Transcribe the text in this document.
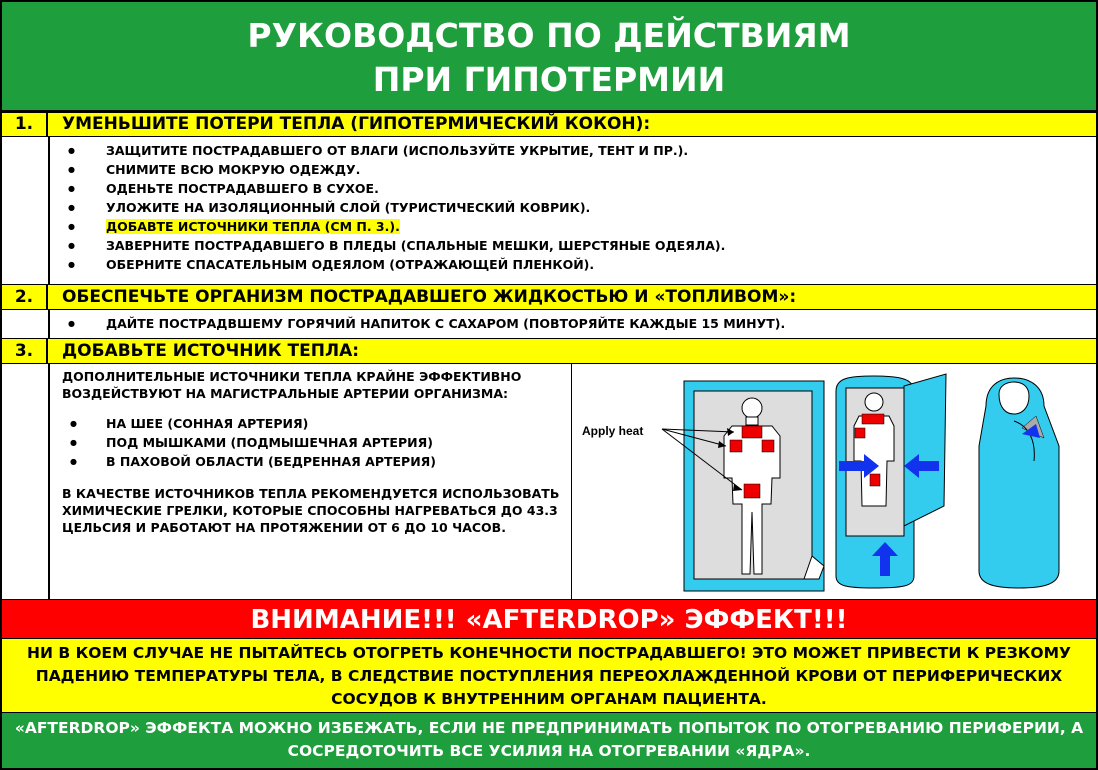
РУКОВОДСТВО ПО ДЕЙСТВИЯМ
ПРИ ГИПОТЕРМИИ
1.	УМЕНЬШИТЕ ПОТЕРИ ТЕПЛА (ГИПОТЕРМИЧЕСКИЙ КОКОН):
● ЗАЩИТИТЕ ПОСТРАДАВШЕГО ОТ ВЛАГИ (ИСПОЛЬЗУЙТЕ УКРЫТИЕ, ТЕНТ И ПР.).
● СНИМИТЕ ВСЮ МОКРУЮ ОДЕЖДУ.
● ОДЕНЬТЕ ПОСТРАДАВШЕГО В СУХОЕ.
● УЛОЖИТЕ НА ИЗОЛЯЦИОННЫЙ СЛОЙ (ТУРИСТИЧЕСКИЙ КОВРИК).
● ДОБАВТЕ ИСТОЧНИКИ ТЕПЛА (СМ П. 3.).
● ЗАВЕРНИТЕ ПОСТРАДАВШЕГО В ПЛЕДЫ (СПАЛЬНЫЕ МЕШКИ, ШЕРСТЯНЫЕ ОДЕЯЛА).
● ОБЕРНИТЕ СПАСАТЕЛЬНЫМ ОДЕЯЛОМ (ОТРАЖАЮЩЕЙ ПЛЕНКОЙ).
2.	ОБЕСПЕЧЬТЕ ОРГАНИЗМ ПОСТРАДАВШЕГО ЖИДКОСТЬЮ И «ТОПЛИВОМ»:
● ДАЙТЕ ПОСТРАДВШЕМУ ГОРЯЧИЙ НАПИТОК С САХАРОМ (ПОВТОРЯЙТЕ КАЖДЫЕ 15 МИНУТ).
3.	ДОБАВЬТЕ ИСТОЧНИК ТЕПЛА:

ДОПОЛНИТЕЛЬНЫЕ ИСТОЧНИКИ ТЕПЛА КРАЙНЕ ЭФФЕКТИВНО ВОЗДЕЙСТВУЮТ НА МАГИСТРАЛЬНЫЕ АРТЕРИИ ОРГАНИЗМА:

● НА ШЕЕ (СОННАЯ АРТЕРИЯ)
● ПОД МЫШКАМИ (ПОДМЫШЕЧНАЯ АРТЕРИЯ)
● В ПАХОВОЙ ОБЛАСТИ (БЕДРЕННАЯ АРТЕРИЯ)

В КАЧЕСТВЕ ИСТОЧНИКОВ ТЕПЛА РЕКОМЕНДУЕТСЯ ИСПОЛЬЗОВАТЬ ХИМИЧЕСКИЕ ГРЕЛКИ, КОТОРЫЕ СПОСОБНЫ НАГРЕВАТЬСЯ ДО 43.3 ЦЕЛЬСИЯ И РАБОТАЮТ НА ПРОТЯЖЕНИИ ОТ 6 ДО 10 ЧАСОВ.

Apply heat
ВНИМАНИЕ!!! «AFTERDROP» ЭФФЕКТ!!!
НИ В КОЕМ СЛУЧАЕ НЕ ПЫТАЙТЕСЬ ОТОГРЕТЬ КОНЕЧНОСТИ ПОСТРАДАВШЕГО! ЭТО МОЖЕТ ПРИВЕСТИ К РЕЗКОМУ ПАДЕНИЮ ТЕМПЕРАТУРЫ ТЕЛА, В СЛЕДСТВИЕ ПОСТУПЛЕНИЯ ПЕРЕОХЛАЖДЕННОЙ КРОВИ ОТ ПЕРИФЕРИЧЕСКИХ СОСУДОВ К ВНУТРЕННИМ ОРГАНАМ ПАЦИЕНТА.
«AFTERDROP» ЭФФЕКТА МОЖНО ИЗБЕЖАТЬ, ЕСЛИ НЕ ПРЕДПРИНИМАТЬ ПОПЫТОК ПО ОТОГРЕВАНИЮ ПЕРИФЕРИИ, А СОСРЕДОТОЧИТЬ ВСЕ УСИЛИЯ НА ОТОГРЕВАНИИ «ЯДРА».
